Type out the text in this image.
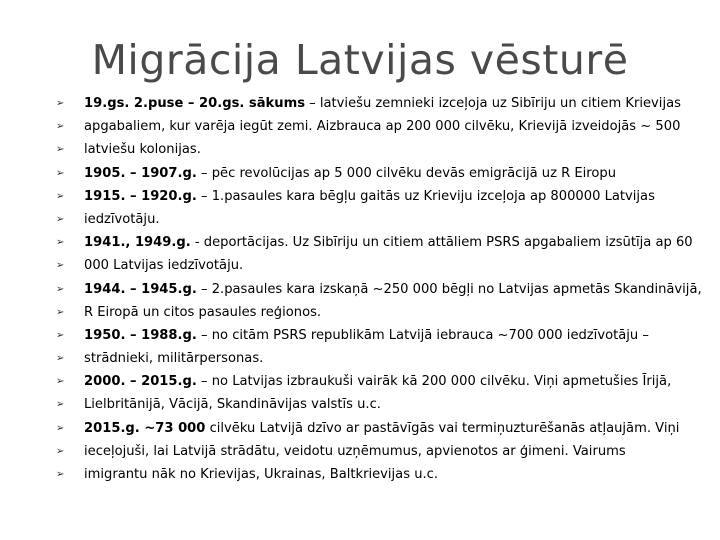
Migrācija Latvijas vēsturē
➢	19.gs. 2.puse – 20.gs. sākums – latviešu zemnieki izceļoja uz Sibīriju un citiem Krievijas
➢	apgabaliem, kur varēja iegūt zemi. Aizbrauca ap 200 000 cilvēku, Krievijā izveidojās ~ 500
➢	latviešu kolonijas.
➢	1905. – 1907.g. – pēc revolūcijas ap 5 000 cilvēku devās emigrācijā uz R Eiropu
➢	1915. – 1920.g. – 1.pasaules kara bēgļu gaitās uz Krieviju izceļoja ap 800000 Latvijas
➢	iedzīvotāju.
➢	1941., 1949.g. - deportācijas. Uz Sibīriju un citiem attāliem PSRS apgabaliem izsūtīja ap 60
➢	000 Latvijas iedzīvotāju.
➢	1944. – 1945.g. – 2.pasaules kara izskaņā ~250 000 bēgļi no Latvijas apmetās Skandināvijā,
➢	R Eiropā un citos pasaules reģionos.
➢	1950. – 1988.g. – no citām PSRS republikām Latvijā iebrauca ~700 000 iedzīvotāju –
➢	strādnieki, militārpersonas.
➢	2000. – 2015.g. – no Latvijas izbraukuši vairāk kā 200 000 cilvēku. Viņi apmetušies Īrijā,
➢	Lielbritānijā, Vācijā, Skandināvijas valstīs u.c.
➢	2015.g. ~73 000 cilvēku Latvijā dzīvo ar pastāvīgās vai termiņuzturēšanās atļaujām. Viņi
➢	ieceļojuši, lai Latvijā strādātu, veidotu uzņēmumus, apvienotos ar ģimeni. Vairums
➢	imigrantu nāk no Krievijas, Ukrainas, Baltkrievijas u.c.
